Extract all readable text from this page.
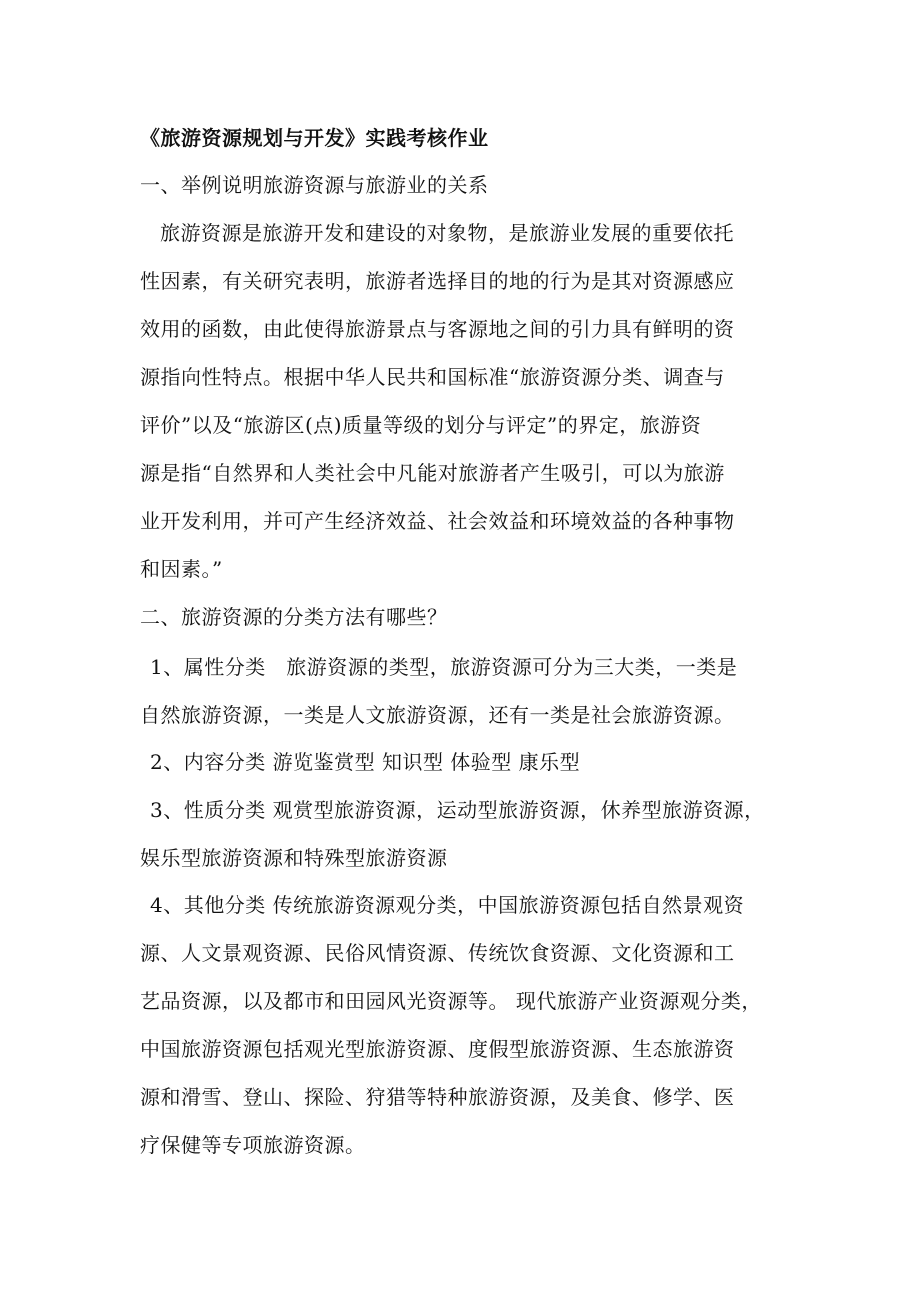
《旅游资源规划与开发》实践考核作业
一、举例说明旅游资源与旅游业的关系
旅游资源是旅游开发和建设的对象物，是旅游业发展的重要依托
性因素，有关研究表明，旅游者选择目的地的行为是其对资源感应
效用的函数，由此使得旅游景点与客源地之间的引力具有鲜明的资
源指向性特点。根据中华人民共和国标准“旅游资源分类、调查与
评价”以及“旅游区(点)质量等级的划分与评定”的界定，旅游资
源是指“自然界和人类社会中凡能对旅游者产生吸引，可以为旅游
业开发利用，并可产生经济效益、社会效益和环境效益的各种事物
和因素。”
二、旅游资源的分类方法有哪些？
1、属性分类　旅游资源的类型，旅游资源可分为三大类，一类是
自然旅游资源，一类是人文旅游资源，还有一类是社会旅游资源。
2、内容分类 游览鉴赏型 知识型 体验型 康乐型
3、性质分类 观赏型旅游资源，运动型旅游资源，休养型旅游资源，
娱乐型旅游资源和特殊型旅游资源
4、其他分类 传统旅游资源观分类，中国旅游资源包括自然景观资
源、人文景观资源、民俗风情资源、传统饮食资源、文化资源和工
艺品资源，以及都市和田园风光资源等。 现代旅游产业资源观分类，
中国旅游资源包括观光型旅游资源、度假型旅游资源、生态旅游资
源和滑雪、登山、探险、狩猎等特种旅游资源，及美食、修学、医
疗保健等专项旅游资源。
